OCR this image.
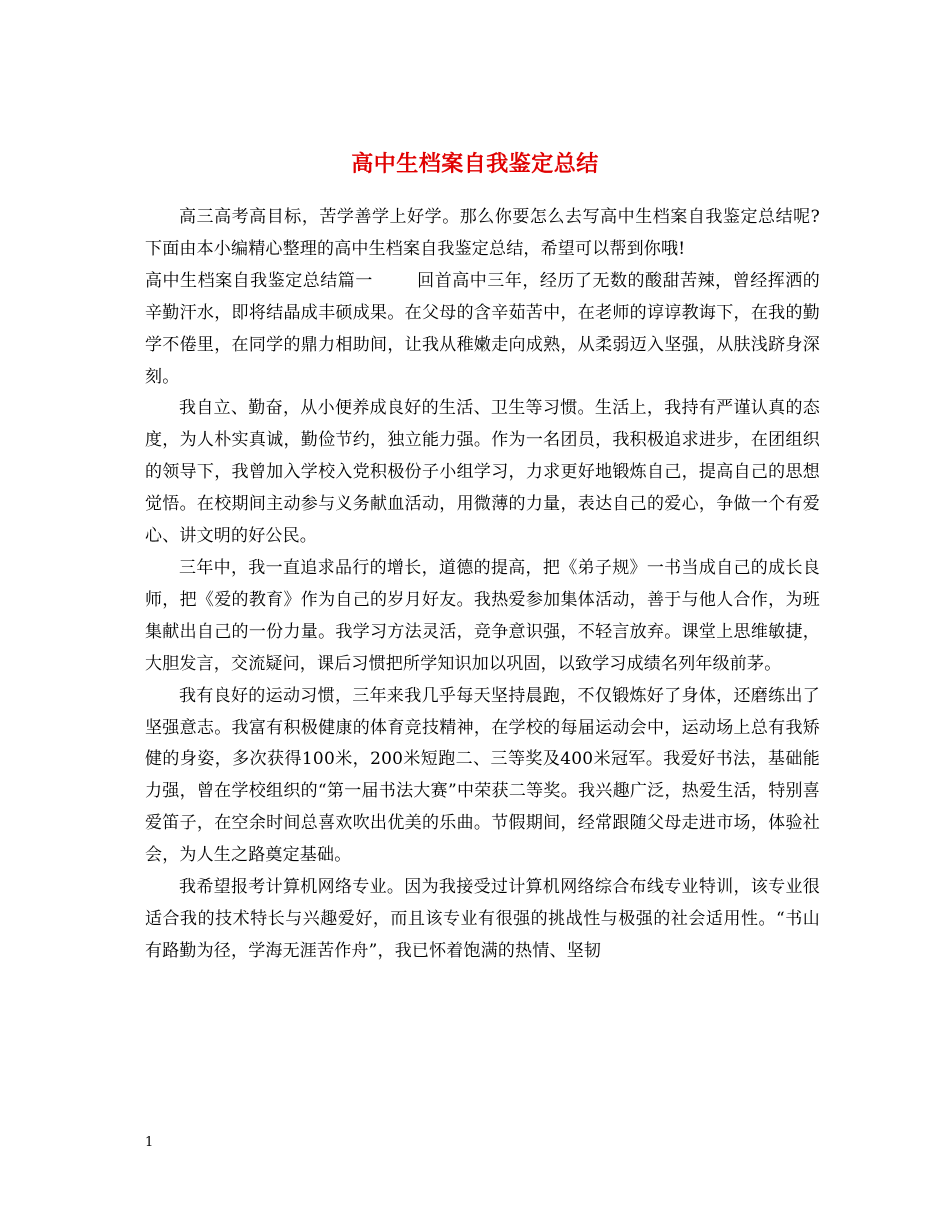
高中生档案自我鉴定总结

高三高考高目标，苦学善学上好学。那么你要怎么去写高中生档案自我鉴定总结呢?下面由本小编精心整理的高中生档案自我鉴定总结，希望可以帮到你哦!

高中生档案自我鉴定总结篇一	回首高中三年，经历了无数的酸甜苦辣，曾经挥洒的辛勤汗水，即将结晶成丰硕成果。在父母的含辛茹苦中，在老师的谆谆教诲下，在我的勤学不倦里，在同学的鼎力相助间，让我从稚嫩走向成熟，从柔弱迈入坚强，从肤浅跻身深刻。

我自立、勤奋，从小便养成良好的生活、卫生等习惯。生活上，我持有严谨认真的态度，为人朴实真诚，勤俭节约，独立能力强。作为一名团员，我积极追求进步，在团组织的领导下，我曾加入学校入党积极份子小组学习，力求更好地锻炼自己，提高自己的思想觉悟。在校期间主动参与义务献血活动，用微薄的力量，表达自己的爱心，争做一个有爱心、讲文明的好公民。

三年中，我一直追求品行的增长，道德的提高，把《弟子规》一书当成自己的成长良师，把《爱的教育》作为自己的岁月好友。我热爱参加集体活动，善于与他人合作，为班集献出自己的一份力量。我学习方法灵活，竞争意识强，不轻言放弃。课堂上思维敏捷，大胆发言，交流疑问，课后习惯把所学知识加以巩固，以致学习成绩名列年级前茅。

我有良好的运动习惯，三年来我几乎每天坚持晨跑，不仅锻炼好了身体，还磨练出了坚强意志。我富有积极健康的体育竞技精神，在学校的每届运动会中，运动场上总有我矫健的身姿，多次获得100米，200米短跑二、三等奖及400米冠军。我爱好书法，基础能力强，曾在学校组织的“第一届书法大赛”中荣获二等奖。我兴趣广泛，热爱生活，特别喜爱笛子，在空余时间总喜欢吹出优美的乐曲。节假期间，经常跟随父母走进市场，体验社会，为人生之路奠定基础。

我希望报考计算机网络专业。因为我接受过计算机网络综合布线专业特训，该专业很适合我的技术特长与兴趣爱好，而且该专业有很强的挑战性与极强的社会适用性。“书山有路勤为径，学海无涯苦作舟”，我已怀着饱满的热情、坚韧

1
